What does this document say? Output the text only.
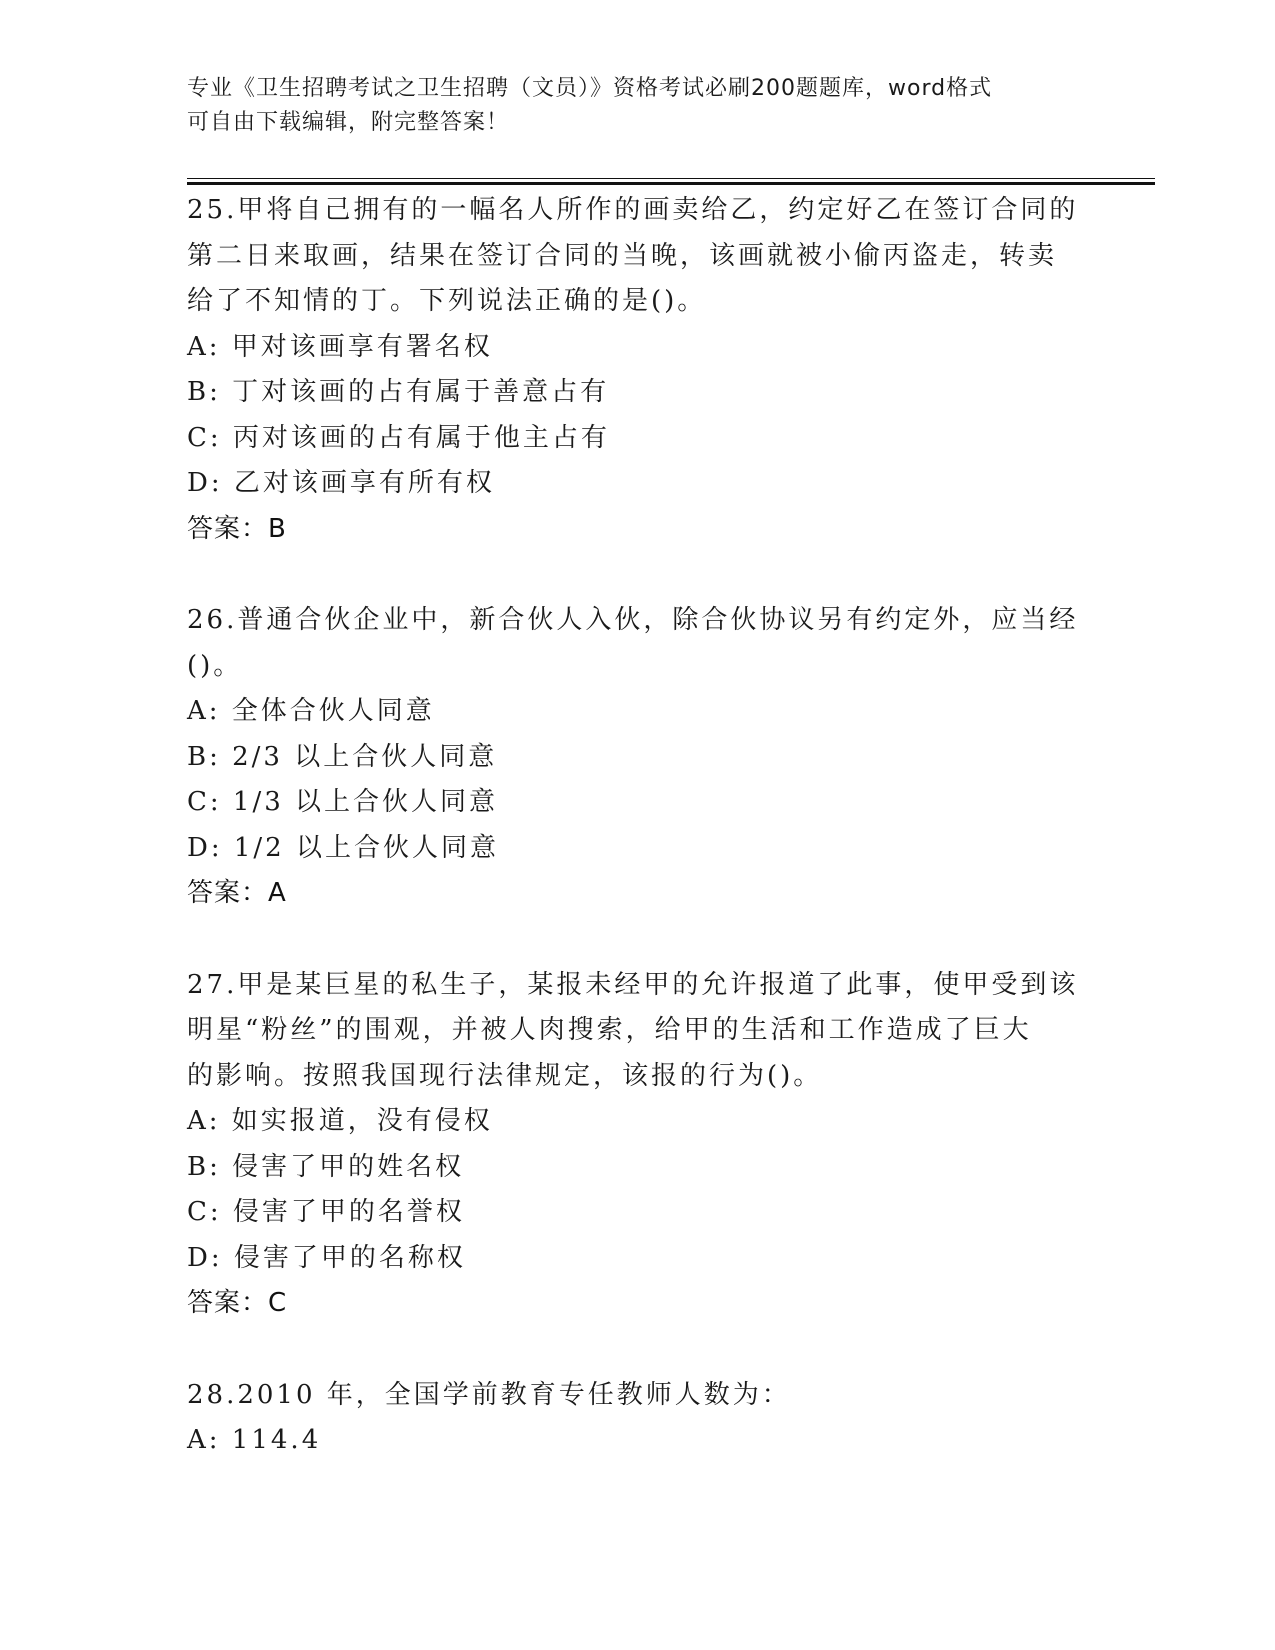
专业《卫生招聘考试之卫生招聘（文员）》资格考试必刷200题题库，word格式
可自由下载编辑，附完整答案！
25.甲将自己拥有的一幅名人所作的画卖给乙，约定好乙在签订合同的
第二日来取画，结果在签订合同的当晚，该画就被小偷丙盗走，转卖
给了不知情的丁。下列说法正确的是()。
A: 甲对该画享有署名权
B: 丁对该画的占有属于善意占有
C: 丙对该画的占有属于他主占有
D: 乙对该画享有所有权
答案：B
26.普通合伙企业中，新合伙人入伙，除合伙协议另有约定外，应当经
()。
A: 全体合伙人同意
B: 2/3 以上合伙人同意
C: 1/3 以上合伙人同意
D: 1/2 以上合伙人同意
答案：A
27.甲是某巨星的私生子，某报未经甲的允许报道了此事，使甲受到该
明星“粉丝”的围观，并被人肉搜索，给甲的生活和工作造成了巨大
的影响。按照我国现行法律规定，该报的行为()。
A: 如实报道，没有侵权
B: 侵害了甲的姓名权
C: 侵害了甲的名誉权
D: 侵害了甲的名称权
答案：C
28.2010 年，全国学前教育专任教师人数为：
A: 114.4
